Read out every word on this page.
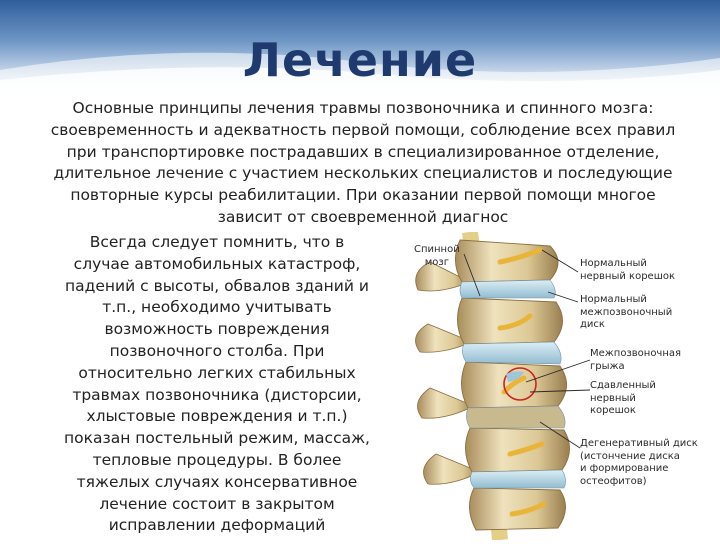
Лечение

Основные принципы лечения травмы позвоночника и спинного мозга: своевременность и адекватность первой помощи, соблюдение всех правил при транспортировке пострадавших в специализированное отделение, длительное лечение с участием нескольких специалистов и последующие повторные курсы реабилитации. При оказании первой помощи многое зависит от своевременной диагнос

Всегда следует помнить, что в
случае автомобильных катастроф,
падений с высоты, обвалов зданий и
т.п., необходимо учитывать
возможность повреждения
позвоночного столба. При
относительно легких стабильных
травмах позвоночника (дисторсии,
хлыстовые повреждения и т.п.)
показан постельный режим, массаж,
тепловые процедуры. В более
тяжелых случаях консервативное
лечение состоит в закрытом
исправлении деформаций
Спинной
мозг	Нормальный
нервный корешок
Нормальный
межпозвоночный
диск
Межпозвоночная
грыжа
Сдавленный
нервный
корешок
Дегенеративный диск
(истончение диска
и формирование
остеофитов)
